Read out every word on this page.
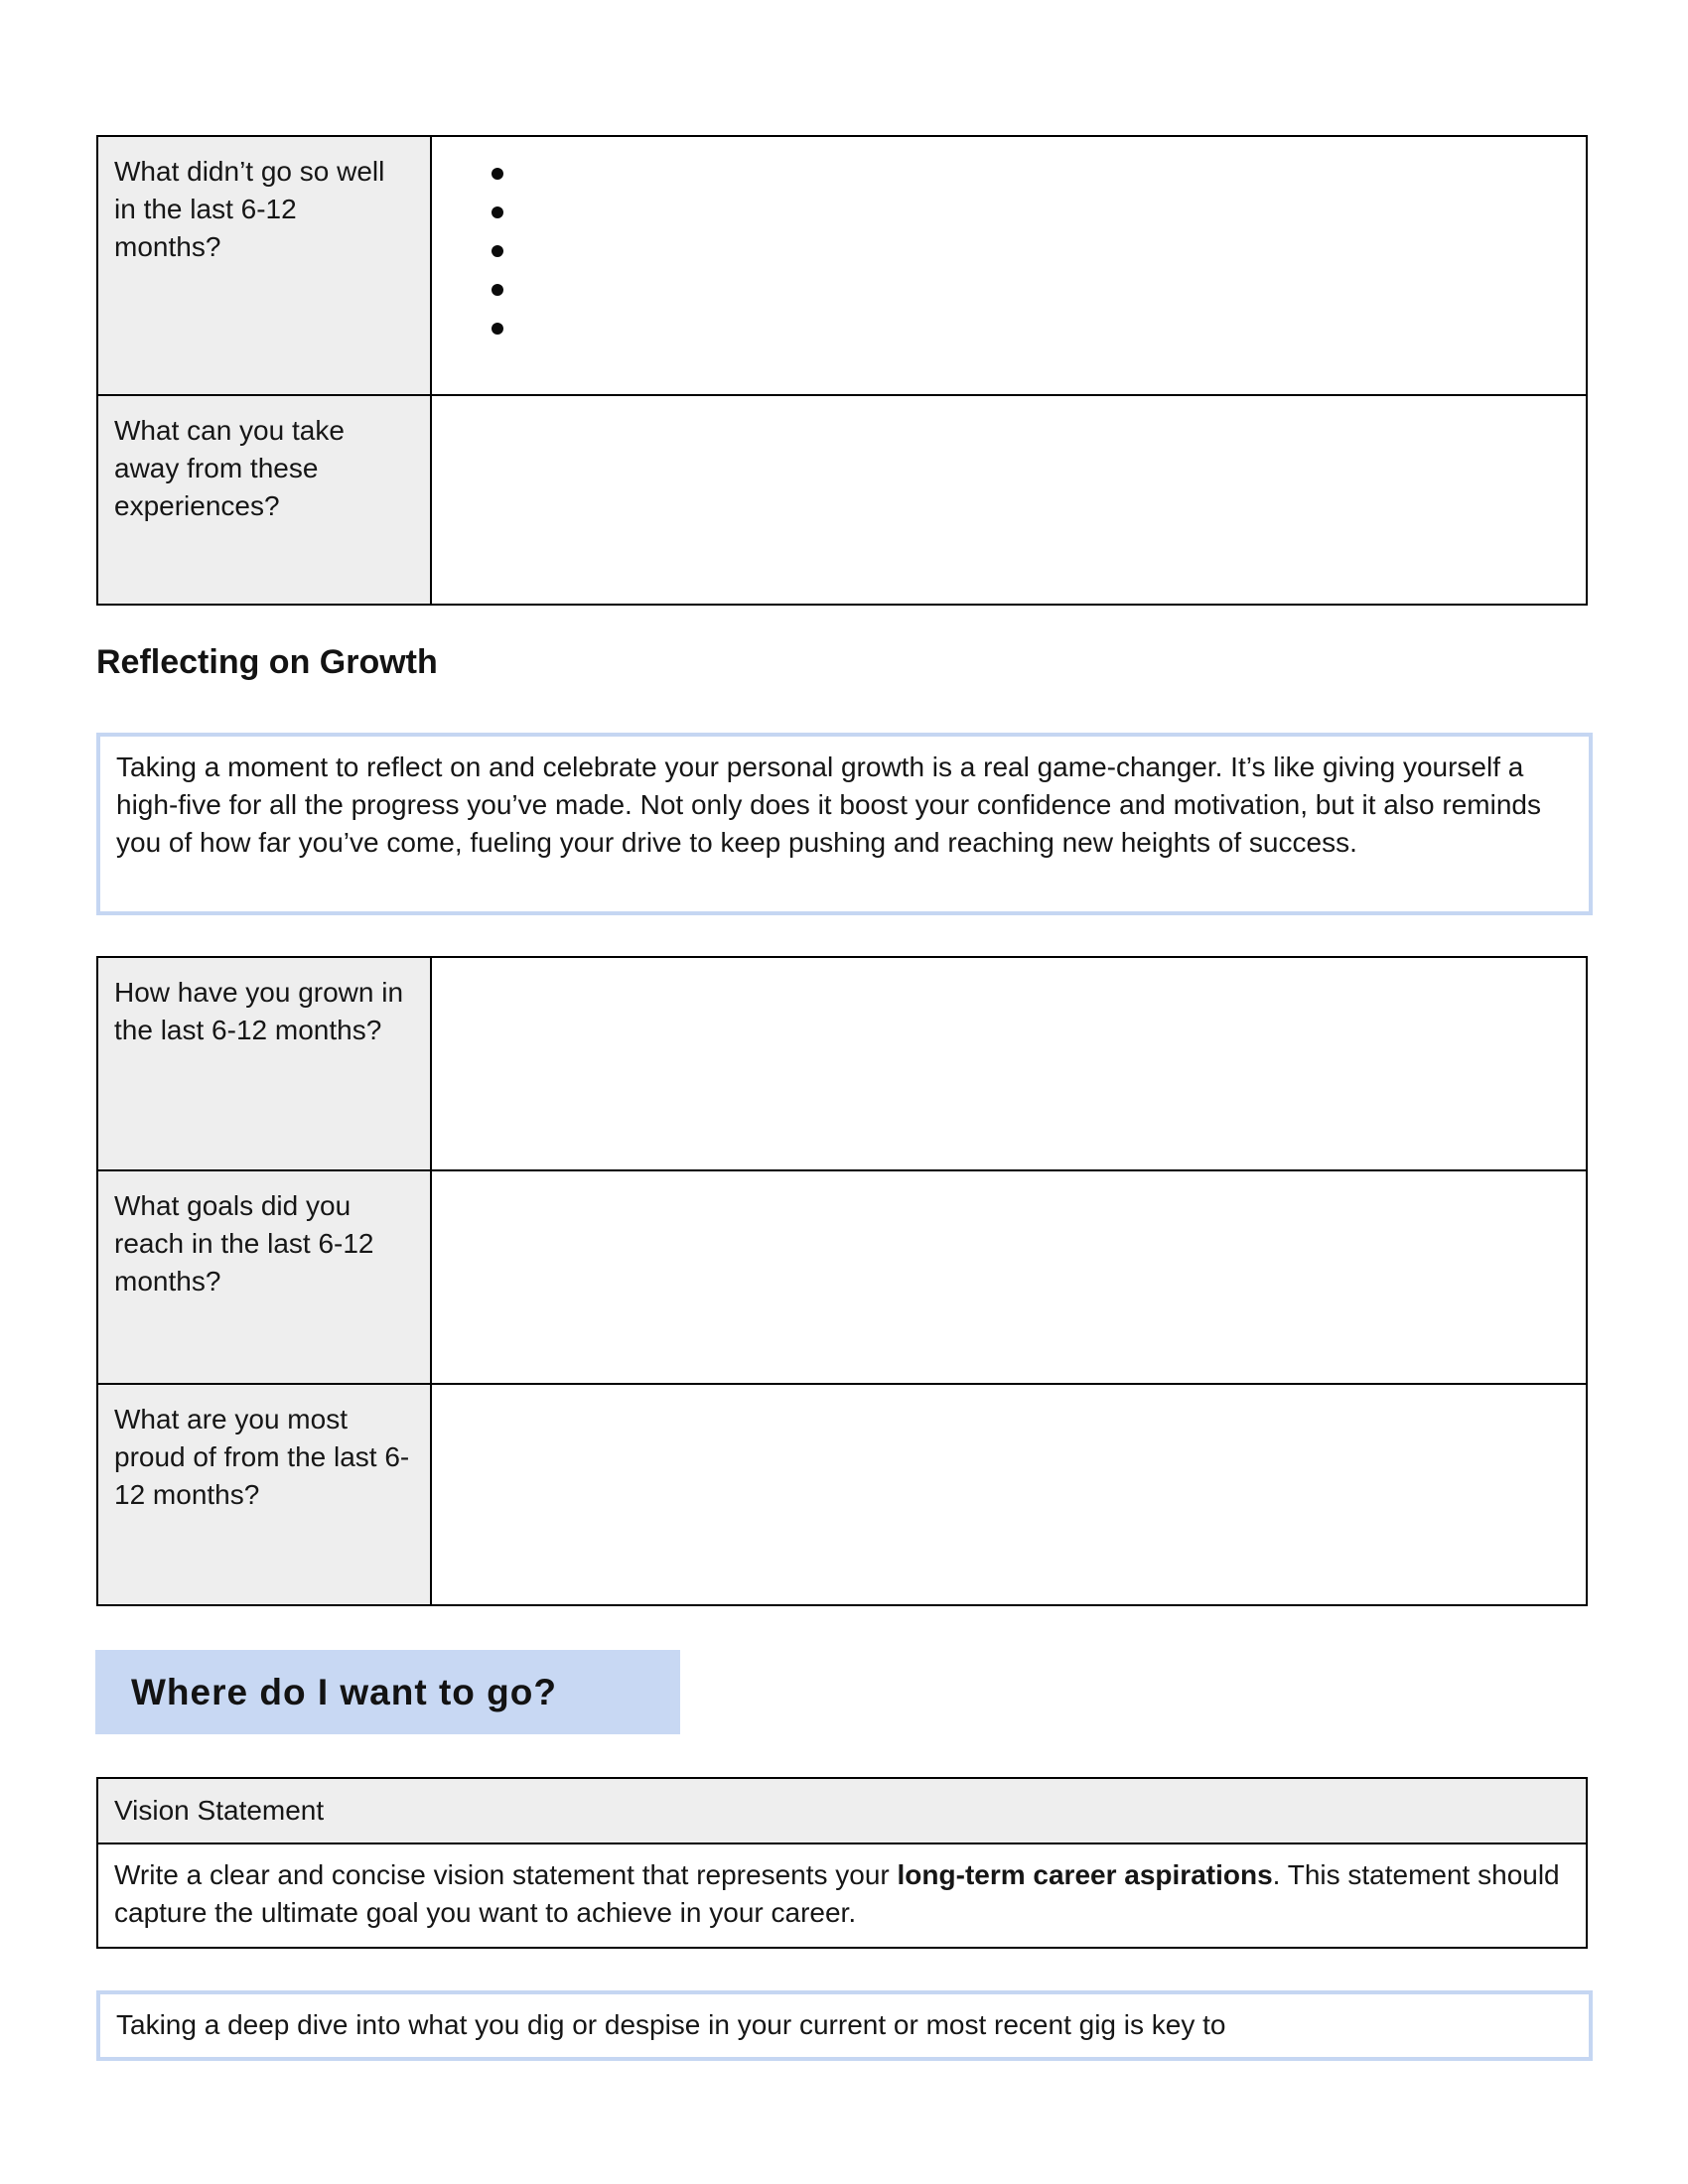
What didn’t go so well in the last 6-12 months?
What can you take away from these experiences?
Reflecting on Growth
Taking a moment to reflect on and celebrate your personal growth is a real game-changer. It’s like giving yourself a high-five for all the progress you’ve made. Not only does it boost your confidence and motivation, but it also reminds you of how far you’ve come, fueling your drive to keep pushing and reaching new heights of success.
How have you grown in the last 6-12 months?
What goals did you reach in the last 6-12 months?
What are you most proud of from the last 6-12 months?
Where do I want to go?
Vision Statement
Write a clear and concise vision statement that represents your long-term career aspirations. This statement should capture the ultimate goal you want to achieve in your career.
Taking a deep dive into what you dig or despise in your current or most recent gig is key to
